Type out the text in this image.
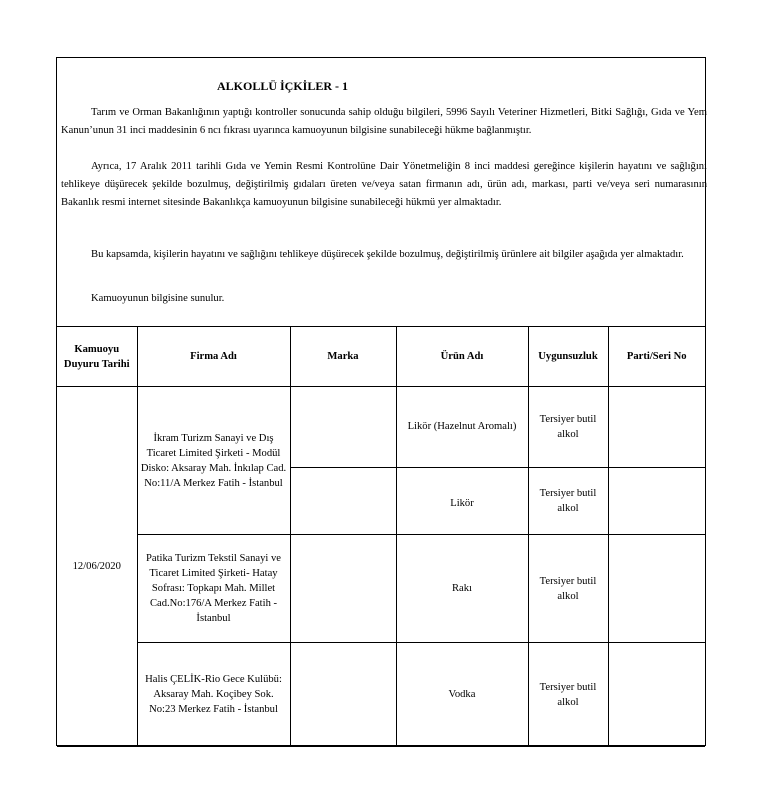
ALKOLLÜ İÇKİLER - 1

Tarım ve Orman Bakanlığının yaptığı kontroller sonucunda sahip olduğu bilgileri, 5996 Sayılı Veteriner Hizmetleri, Bitki Sağlığı, Gıda ve Yem Kanun’unun 31 inci maddesinin 6 ncı fıkrası uyarınca kamuoyunun bilgisine sunabileceği hükme bağlanmıştır.

Ayrıca, 17 Aralık 2011 tarihli Gıda ve Yemin Resmi Kontrolüne Dair Yönetmeliğin 8 inci maddesi gereğince kişilerin hayatını ve sağlığını tehlikeye düşürecek şekilde bozulmuş, değiştirilmiş gıdaları üreten ve/veya satan firmanın adı, ürün adı, markası, parti ve/veya seri numarasının Bakanlık resmi internet sitesinde Bakanlıkça kamuoyunun bilgisine sunabileceği hükmü yer almaktadır.

Bu kapsamda, kişilerin hayatını ve sağlığını tehlikeye düşürecek şekilde bozulmuş, değiştirilmiş ürünlere ait bilgiler aşağıda yer almaktadır.

Kamuoyunun bilgisine sunulur.

Kamuoyu Duyuru Tarihi	Firma Adı	Marka	Ürün Adı	Uygunsuzluk	Parti/Seri No
12/06/2020	İkram Turizm Sanayi ve Dış Ticaret Limited Şirketi - Modül Disko: Aksaray Mah. İnkılap Cad. No:11/A Merkez Fatih - İstanbul		Likör (Hazelnut Aromalı)	Tersiyer butil alkol	
			Likör	Tersiyer butil alkol	
	Patika Turizm Tekstil Sanayi ve Ticaret Limited Şirketi- Hatay Sofrası: Topkapı Mah. Millet Cad.No:176/A Merkez Fatih - İstanbul		Rakı	Tersiyer butil alkol	
	Halis ÇELİK-Rio Gece Kulübü: Aksaray Mah. Koçibey Sok. No:23 Merkez Fatih - İstanbul		Vodka	Tersiyer butil alkol	
